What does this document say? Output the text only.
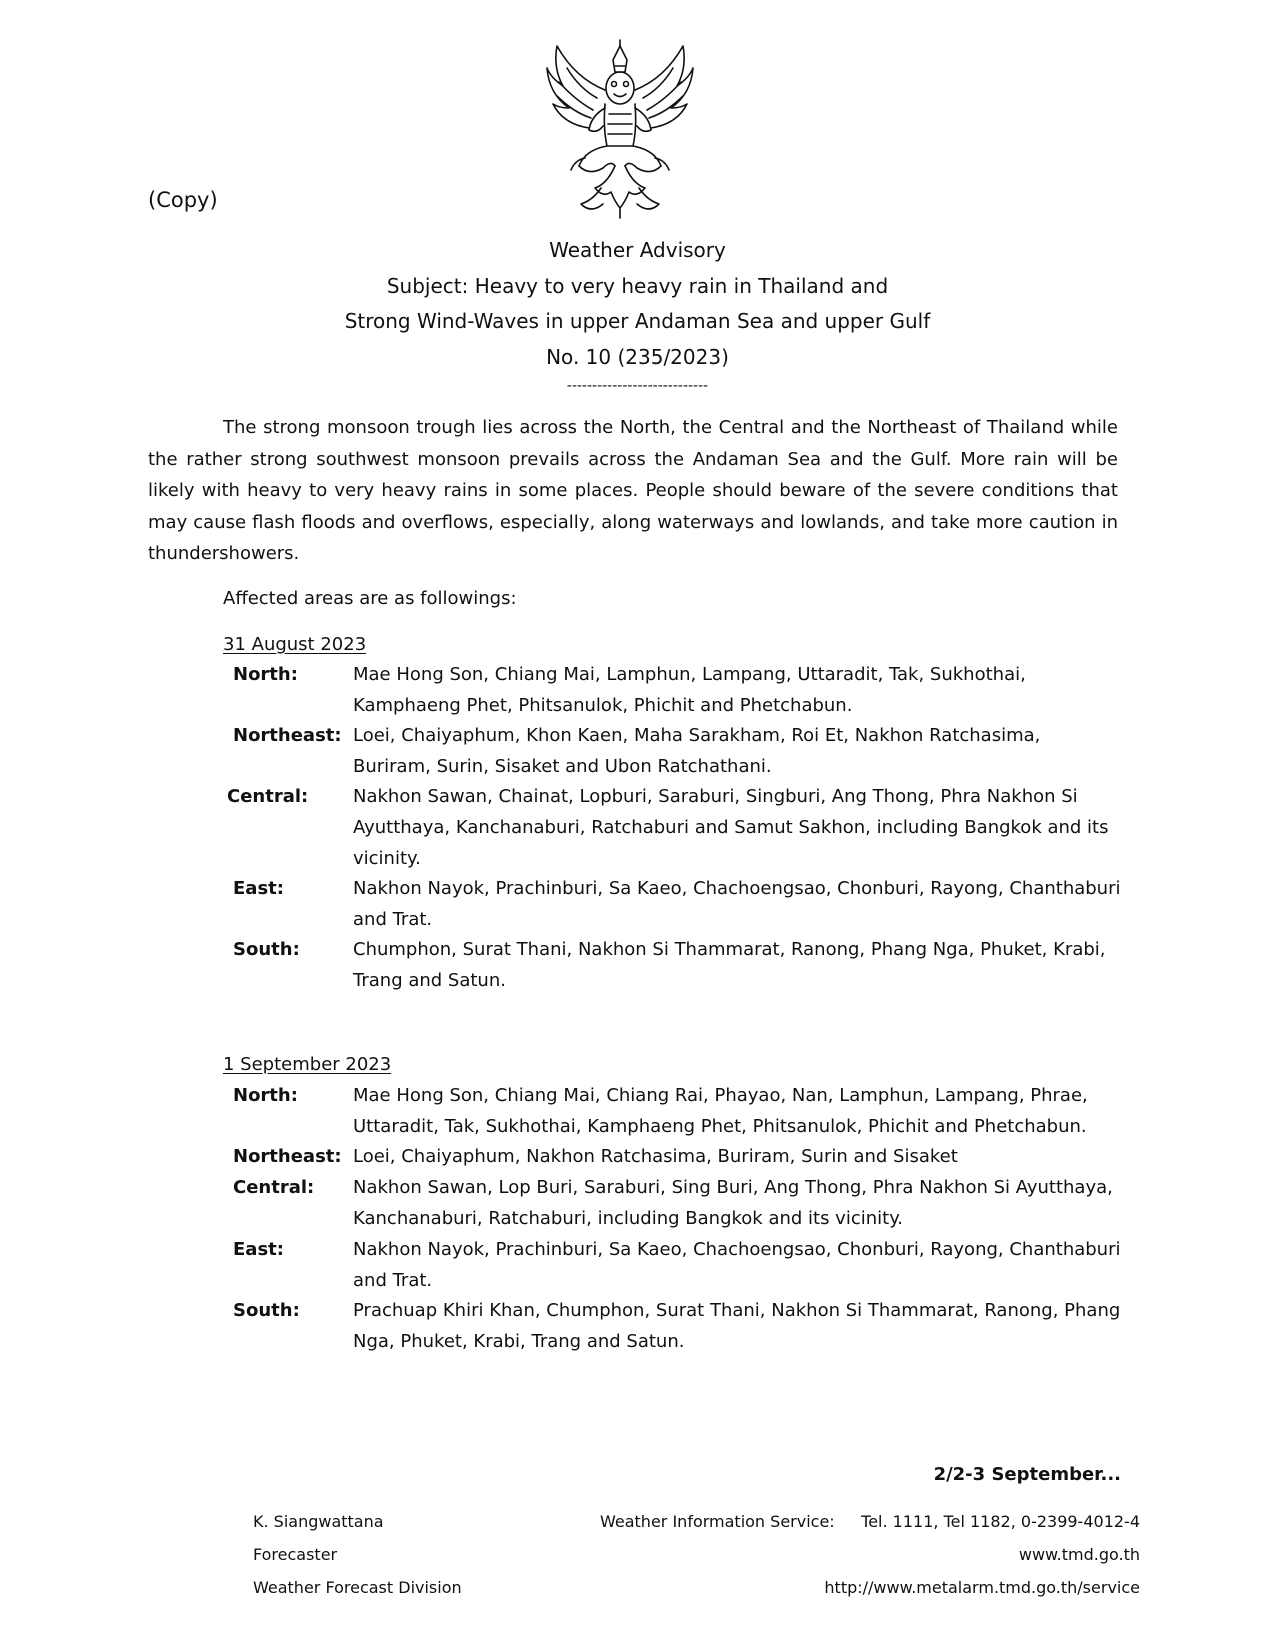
(Copy)
Weather Advisory
Subject: Heavy to very heavy rain in Thailand and
Strong Wind-Waves in upper Andaman Sea and upper Gulf
No. 10 (235/2023)
----------------------------
The strong monsoon trough lies across the North, the Central and the Northeast of Thailand while the rather strong southwest monsoon prevails across the Andaman Sea and the Gulf. More rain will be likely with heavy to very heavy rains in some places. People should beware of the severe conditions that may cause flash floods and overflows, especially, along waterways and lowlands, and take more caution in thundershowers.
Affected areas are as followings:
31 August 2023
North:	Mae Hong Son, Chiang Mai, Lamphun, Lampang, Uttaradit, Tak, Sukhothai, Kamphaeng Phet, Phitsanulok, Phichit and Phetchabun.
Northeast: Loei, Chaiyaphum, Khon Kaen, Maha Sarakham, Roi Et, Nakhon Ratchasima, Buriram, Surin, Sisaket and Ubon Ratchathani.
Central: Nakhon Sawan, Chainat, Lopburi, Saraburi, Singburi, Ang Thong, Phra Nakhon Si Ayutthaya, Kanchanaburi, Ratchaburi and Samut Sakhon, including Bangkok and its vicinity.
East:	Nakhon Nayok, Prachinburi, Sa Kaeo, Chachoengsao, Chonburi, Rayong, Chanthaburi and Trat.
South:	Chumphon, Surat Thani, Nakhon Si Thammarat, Ranong, Phang Nga, Phuket, Krabi, Trang and Satun.
1 September 2023
North:	Mae Hong Son, Chiang Mai, Chiang Rai, Phayao, Nan, Lamphun, Lampang, Phrae, Uttaradit, Tak, Sukhothai, Kamphaeng Phet, Phitsanulok, Phichit and Phetchabun.
Northeast: Loei, Chaiyaphum, Nakhon Ratchasima, Buriram, Surin and Sisaket
Central: Nakhon Sawan, Lop Buri, Saraburi, Sing Buri, Ang Thong, Phra Nakhon Si Ayutthaya, Kanchanaburi, Ratchaburi, including Bangkok and its vicinity.
East:	Nakhon Nayok, Prachinburi, Sa Kaeo, Chachoengsao, Chonburi, Rayong, Chanthaburi and Trat.
South:	Prachuap Khiri Khan, Chumphon, Surat Thani, Nakhon Si Thammarat, Ranong, Phang Nga, Phuket, Krabi, Trang and Satun.
2/2-3 September...
K. Siangwattana
Forecaster
Weather Forecast Division
Weather Information Service: Tel. 1111, Tel 1182, 0-2399-4012-4
www.tmd.go.th
http://www.metalarm.tmd.go.th/service
